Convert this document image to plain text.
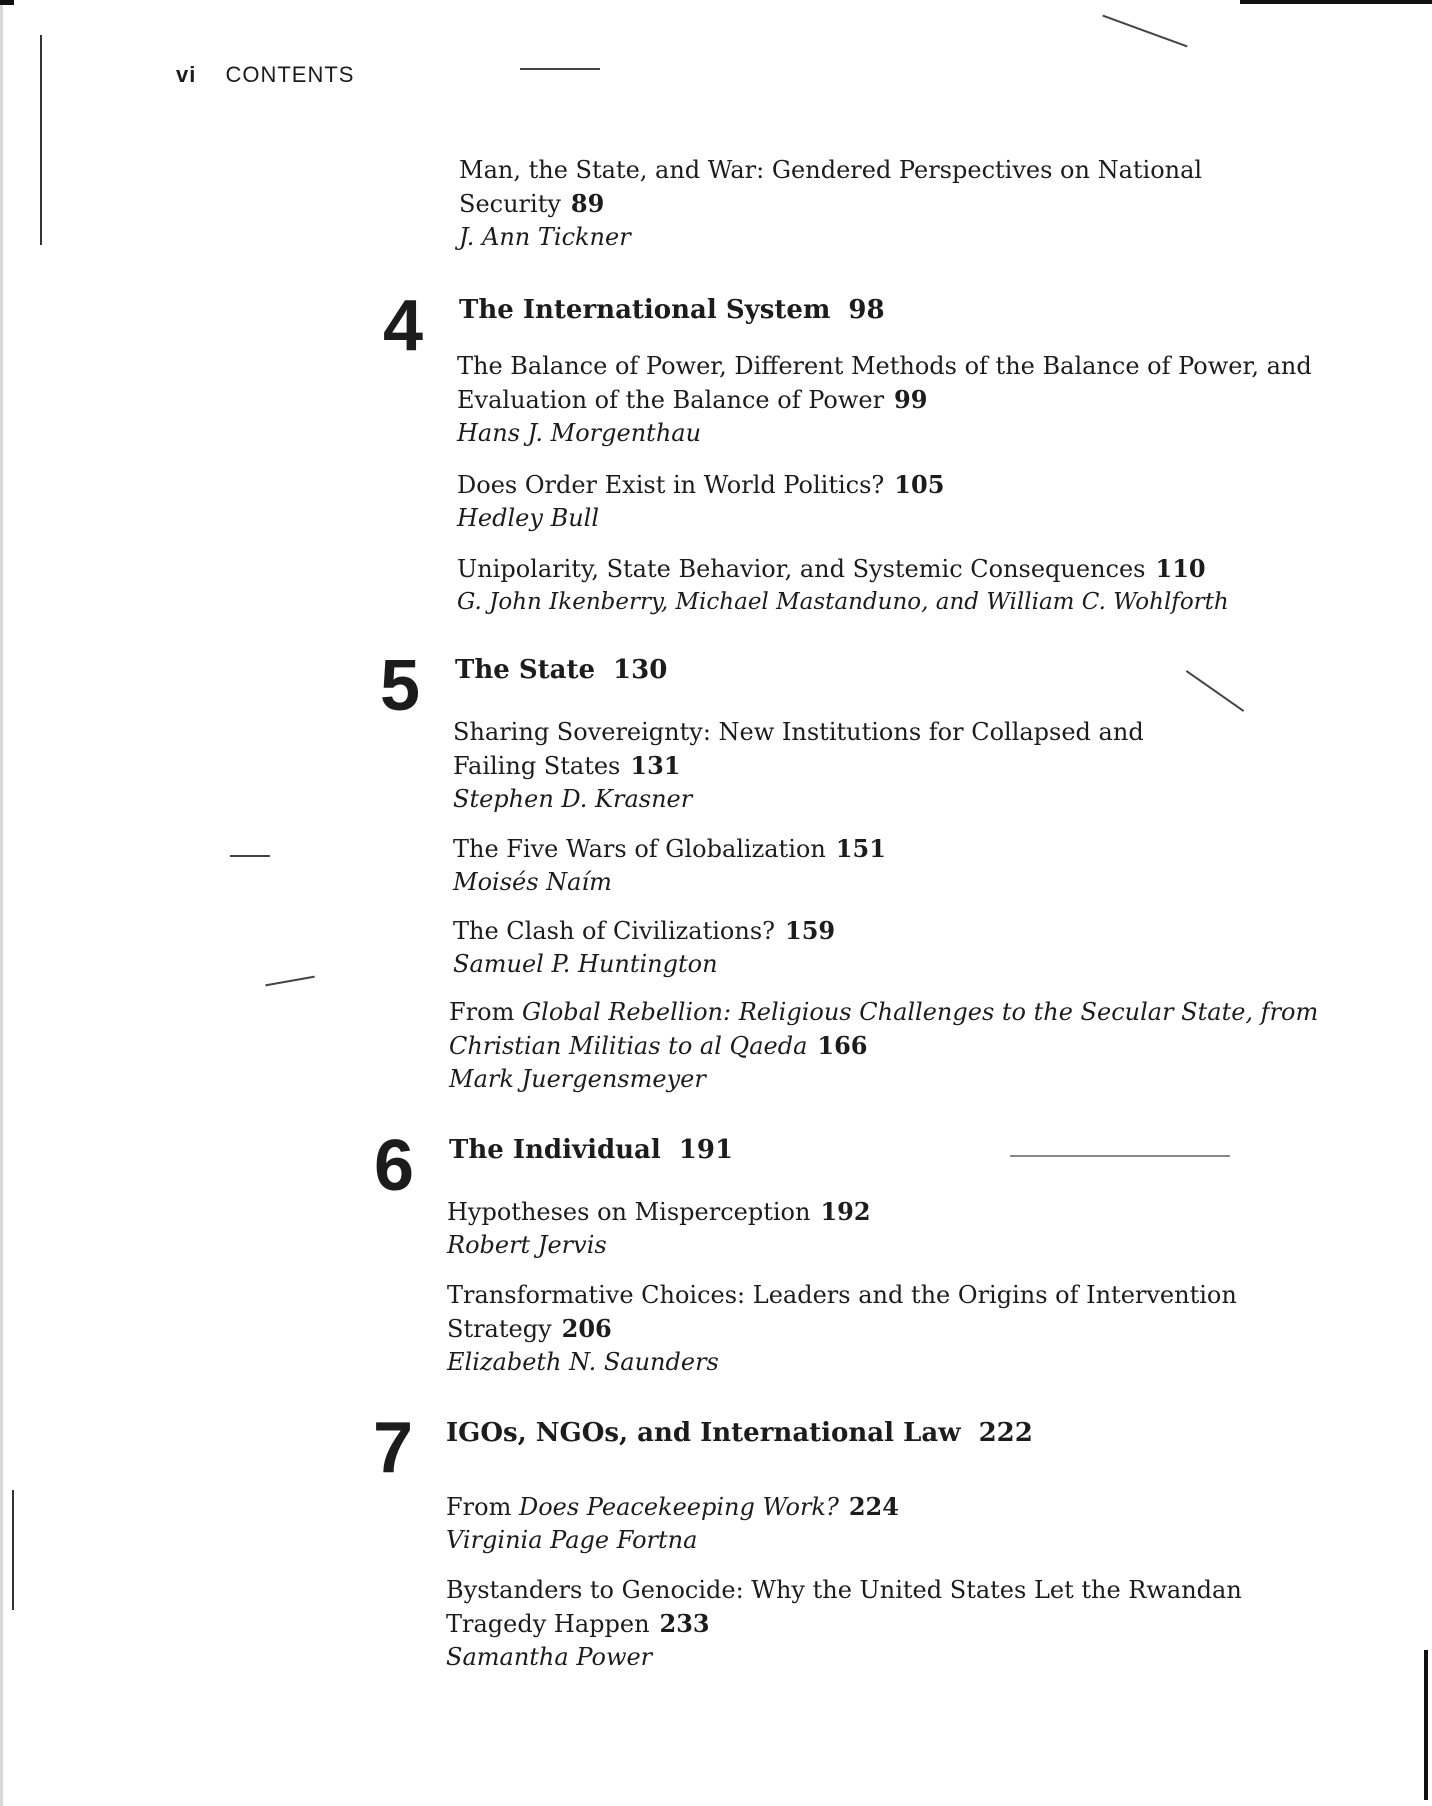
vi CONTENTS
Man, the State, and War: Gendered Perspectives on National Security 89
J. Ann Tickner
4 The International System 98
The Balance of Power, Different Methods of the Balance of Power, and Evaluation of the Balance of Power 99
Hans J. Morgenthau
Does Order Exist in World Politics? 105
Hedley Bull
Unipolarity, State Behavior, and Systemic Consequences 110
G. John Ikenberry, Michael Mastanduno, and William C. Wohlforth
5 The State 130
Sharing Sovereignty: New Institutions for Collapsed and Failing States 131
Stephen D. Krasner
The Five Wars of Globalization 151
Moisés Naím
The Clash of Civilizations? 159
Samuel P. Huntington
From Global Rebellion: Religious Challenges to the Secular State, from Christian Militias to al Qaeda 166
Mark Juergensmeyer
6 The Individual 191
Hypotheses on Misperception 192
Robert Jervis
Transformative Choices: Leaders and the Origins of Intervention Strategy 206
Elizabeth N. Saunders
7 IGOs, NGOs, and International Law 222
From Does Peacekeeping Work? 224
Virginia Page Fortna
Bystanders to Genocide: Why the United States Let the Rwandan Tragedy Happen 233
Samantha Power
